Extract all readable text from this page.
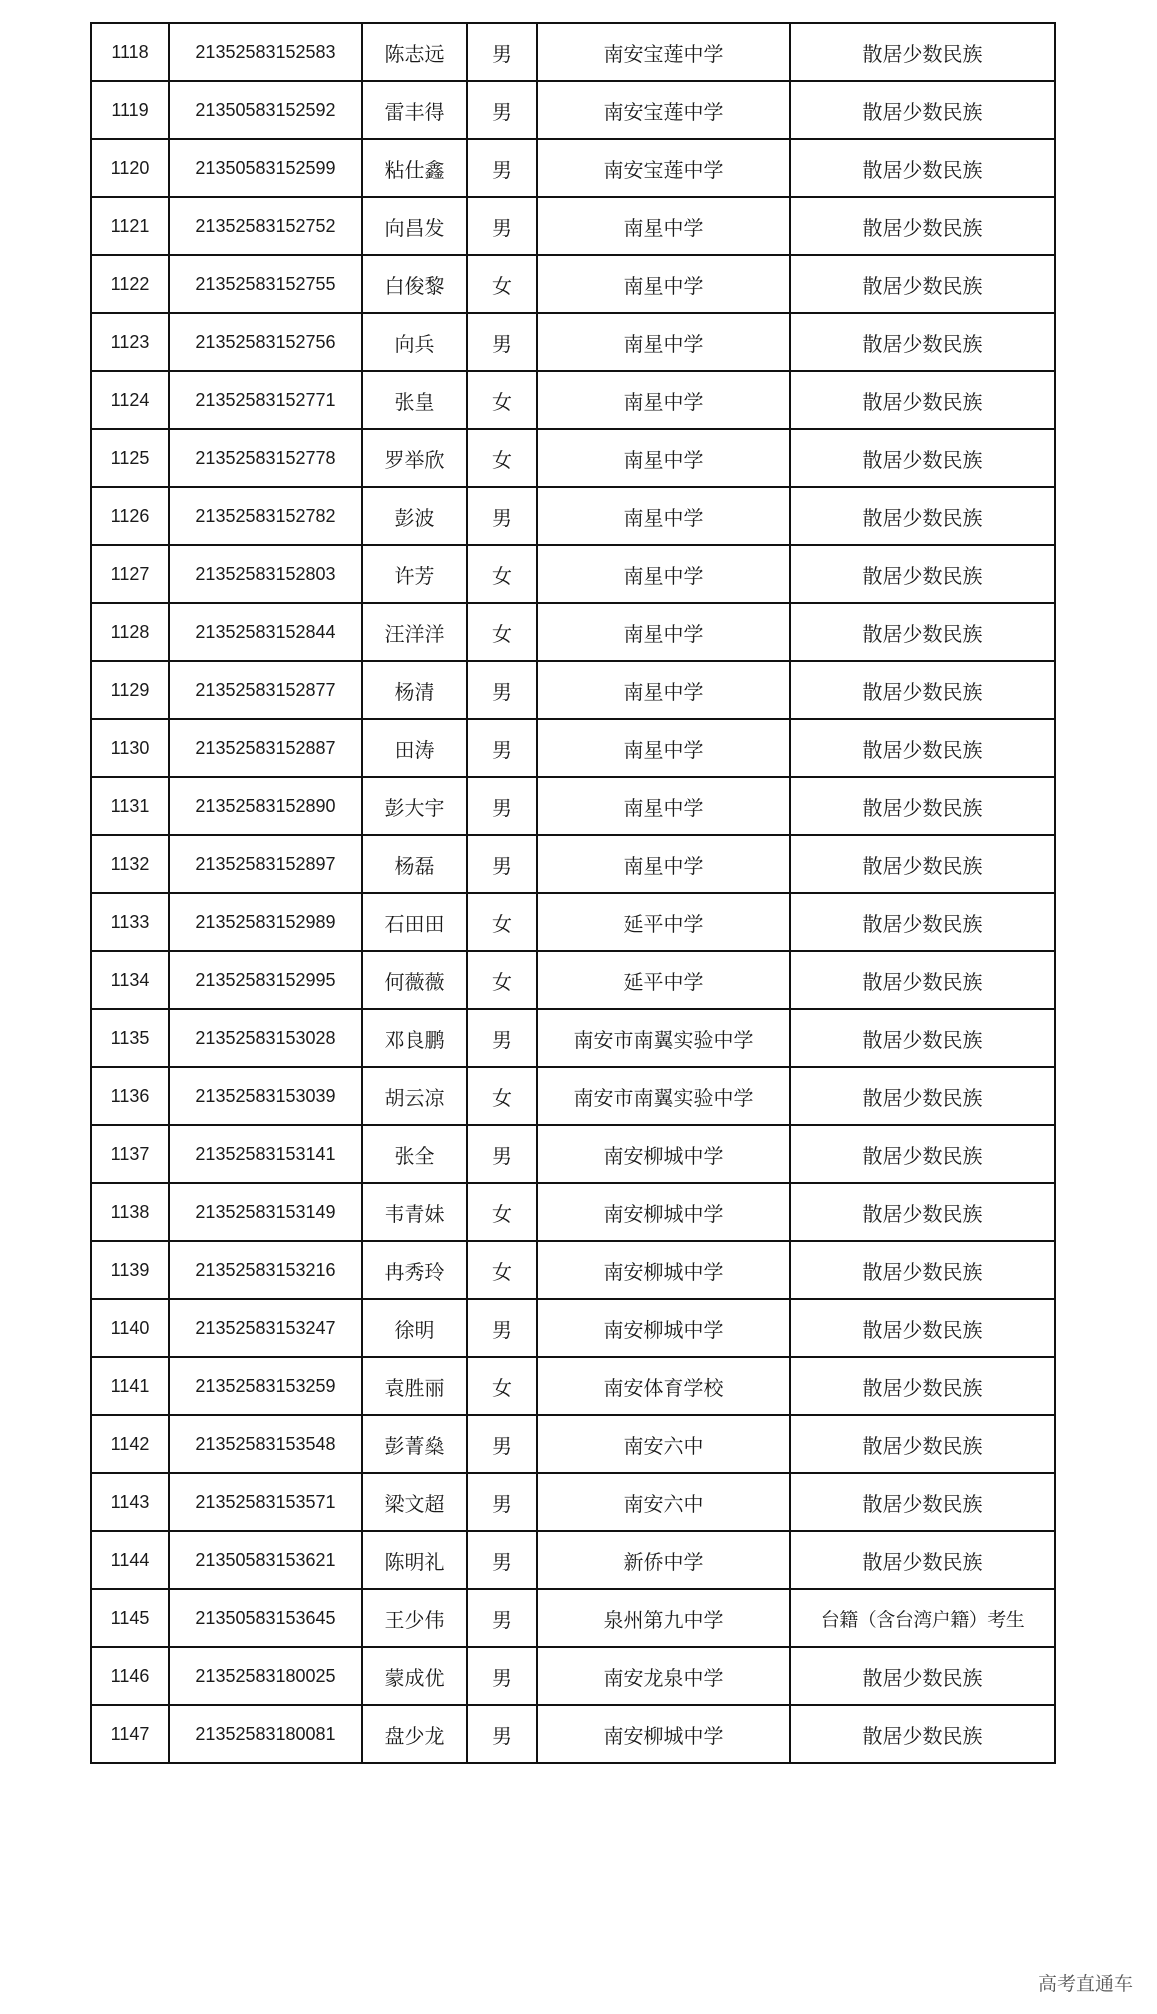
1118	21352583152583	陈志远	男	南安宝莲中学	散居少数民族
1119	21350583152592	雷丰得	男	南安宝莲中学	散居少数民族
1120	21350583152599	粘仕鑫	男	南安宝莲中学	散居少数民族
1121	21352583152752	向昌发	男	南星中学	散居少数民族
1122	21352583152755	白俊黎	女	南星中学	散居少数民族
1123	21352583152756	向兵	男	南星中学	散居少数民族
1124	21352583152771	张皇	女	南星中学	散居少数民族
1125	21352583152778	罗举欣	女	南星中学	散居少数民族
1126	21352583152782	彭波	男	南星中学	散居少数民族
1127	21352583152803	许芳	女	南星中学	散居少数民族
1128	21352583152844	汪洋洋	女	南星中学	散居少数民族
1129	21352583152877	杨清	男	南星中学	散居少数民族
1130	21352583152887	田涛	男	南星中学	散居少数民族
1131	21352583152890	彭大宇	男	南星中学	散居少数民族
1132	21352583152897	杨磊	男	南星中学	散居少数民族
1133	21352583152989	石田田	女	延平中学	散居少数民族
1134	21352583152995	何薇薇	女	延平中学	散居少数民族
1135	21352583153028	邓良鹏	男	南安市南翼实验中学	散居少数民族
1136	21352583153039	胡云凉	女	南安市南翼实验中学	散居少数民族
1137	21352583153141	张全	男	南安柳城中学	散居少数民族
1138	21352583153149	韦青妹	女	南安柳城中学	散居少数民族
1139	21352583153216	冉秀玲	女	南安柳城中学	散居少数民族
1140	21352583153247	徐明	男	南安柳城中学	散居少数民族
1141	21352583153259	袁胜丽	女	南安体育学校	散居少数民族
1142	21352583153548	彭菁燊	男	南安六中	散居少数民族
1143	21352583153571	梁文超	男	南安六中	散居少数民族
1144	21350583153621	陈明礼	男	新侨中学	散居少数民族
1145	21350583153645	王少伟	男	泉州第九中学	台籍（含台湾户籍）考生
1146	21352583180025	蒙成优	男	南安龙泉中学	散居少数民族
1147	21352583180081	盘少龙	男	南安柳城中学	散居少数民族
高考直通车
